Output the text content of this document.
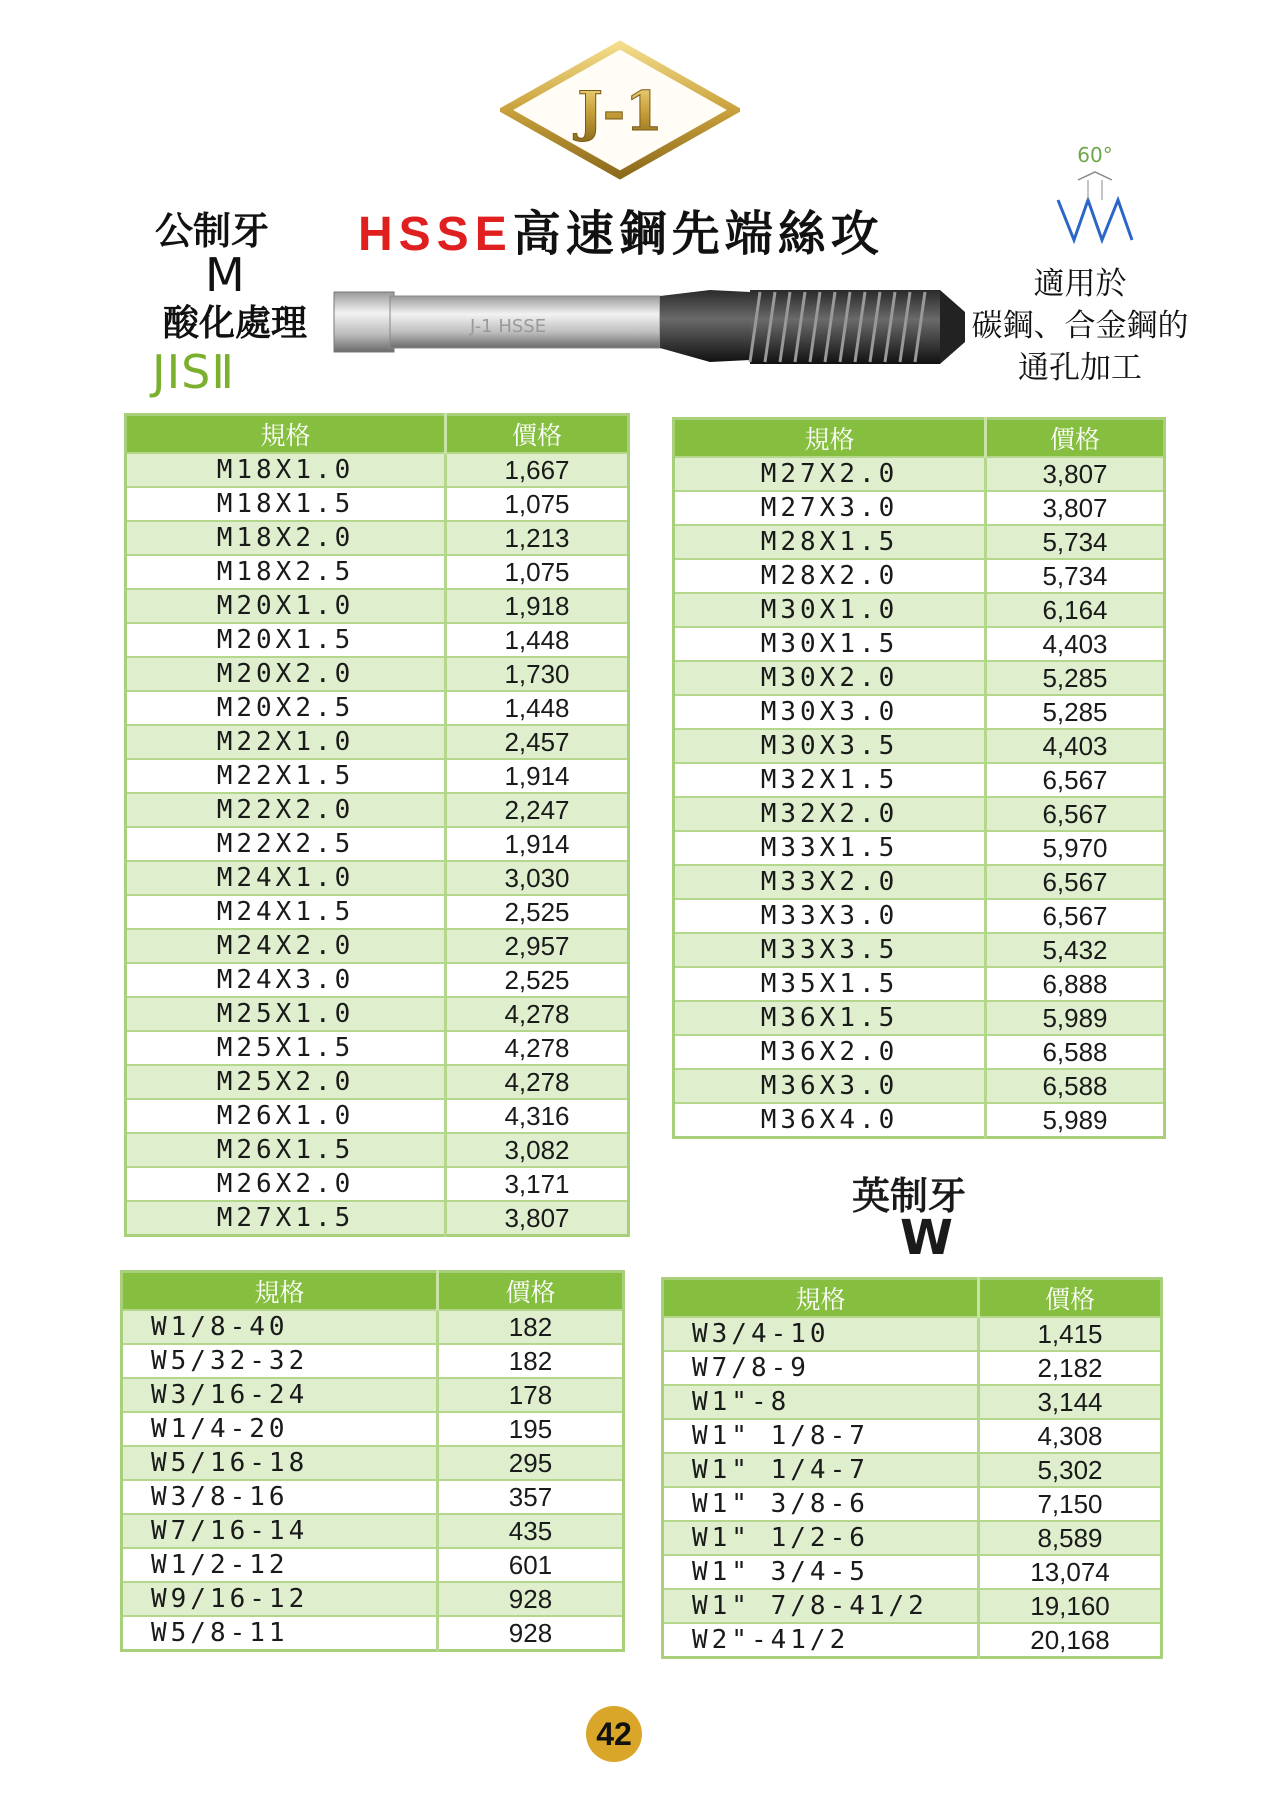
J-1
公制牙
M
酸化處理
JISⅡ
HSSE高速鋼先端絲攻
J-1 HSSE
60°
適用於
碳鋼、合金鋼的
通孔加工
規格	價格
M18X1.0	1,667
M18X1.5	1,075
M18X2.0	1,213
M18X2.5	1,075
M20X1.0	1,918
M20X1.5	1,448
M20X2.0	1,730
M20X2.5	1,448
M22X1.0	2,457
M22X1.5	1,914
M22X2.0	2,247
M22X2.5	1,914
M24X1.0	3,030
M24X1.5	2,525
M24X2.0	2,957
M24X3.0	2,525
M25X1.0	4,278
M25X1.5	4,278
M25X2.0	4,278
M26X1.0	4,316
M26X1.5	3,082
M26X2.0	3,171
M27X1.5	3,807
規格	價格
M27X2.0	3,807
M27X3.0	3,807
M28X1.5	5,734
M28X2.0	5,734
M30X1.0	6,164
M30X1.5	4,403
M30X2.0	5,285
M30X3.0	5,285
M30X3.5	4,403
M32X1.5	6,567
M32X2.0	6,567
M33X1.5	5,970
M33X2.0	6,567
M33X3.0	6,567
M33X3.5	5,432
M35X1.5	6,888
M36X1.5	5,989
M36X2.0	6,588
M36X3.0	6,588
M36X4.0	5,989
英制牙
W
規格	價格
W1/8-40	182
W5/32-32	182
W3/16-24	178
W1/4-20	195
W5/16-18	295
W3/8-16	357
W7/16-14	435
W1/2-12	601
W9/16-12	928
W5/8-11	928
規格	價格
W3/4-10	1,415
W7/8-9	2,182
W1"-8	3,144
W1" 1/8-7	4,308
W1" 1/4-7	5,302
W1" 3/8-6	7,150
W1" 1/2-6	8,589
W1" 3/4-5	13,074
W1" 7/8-41/2	19,160
W2"-41/2	20,168
42
